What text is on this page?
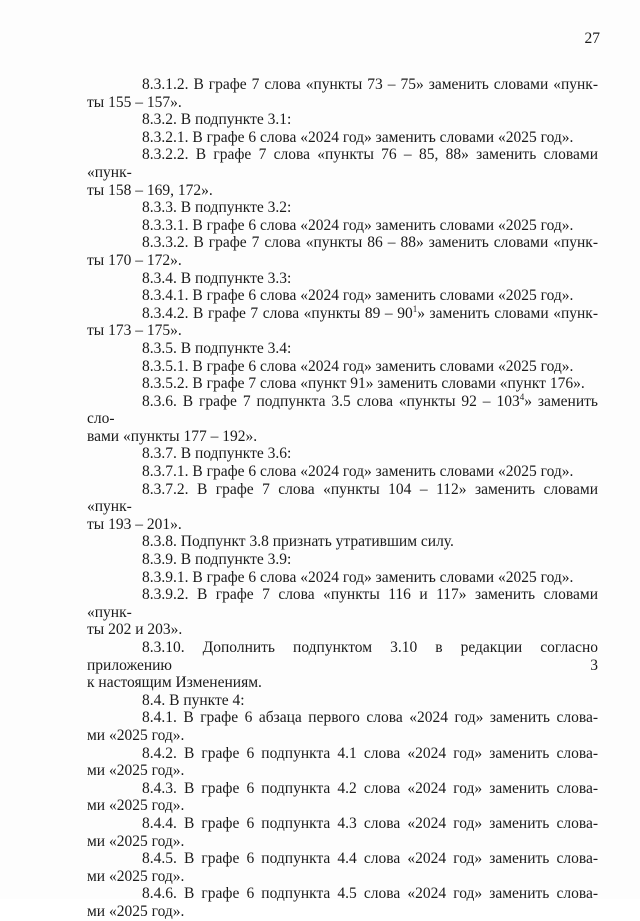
27

8.3.1.2. В графе 7 слова «пункты 73 – 75» заменить словами «пунк-

ты 155 – 157».

8.3.2. В подпункте 3.1:

8.3.2.1. В графе 6 слова «2024 год» заменить словами «2025 год».

8.3.2.2. В графе 7 слова «пункты 76 – 85, 88» заменить словами «пунк-

ты 158 – 169, 172».

8.3.3. В подпункте 3.2:

8.3.3.1. В графе 6 слова «2024 год» заменить словами «2025 год».

8.3.3.2. В графе 7 слова «пункты 86 – 88» заменить словами «пунк-

ты 170 – 172».

8.3.4. В подпункте 3.3:

8.3.4.1. В графе 6 слова «2024 год» заменить словами «2025 год».

8.3.4.2. В графе 7 слова «пункты $89 - 90^1$» заменить словами «пунк-

ты 173 – 175».

8.3.5. В подпункте 3.4:

8.3.5.1. В графе 6 слова «2024 год» заменить словами «2025 год».

8.3.5.2. В графе 7 слова «пункт 91» заменить словами «пункт 176».

8.3.6. В графе 7 подпункта 3.5 слова «пункты $92 - 103^4$» заменить сло-

вами «пункты 177 – 192».

8.3.7. В подпункте 3.6:

8.3.7.1. В графе 6 слова «2024 год» заменить словами «2025 год».

8.3.7.2. В графе 7 слова «пункты 104 – 112» заменить словами «пунк-

ты 193 – 201».

8.3.8. Подпункт 3.8 признать утратившим силу.

8.3.9. В подпункте 3.9:

8.3.9.1. В графе 6 слова «2024 год» заменить словами «2025 год».

8.3.9.2. В графе 7 слова «пункты 116 и 117» заменить словами «пунк-

ты 202 и 203».

8.3.10. Дополнить подпунктом 3.10 в редакции согласно приложению 3

к настоящим Изменениям.

8.4. В пункте 4:

8.4.1. В графе 6 абзаца первого слова «2024 год» заменить слова-

ми «2025 год».

8.4.2. В графе 6 подпункта 4.1 слова «2024 год» заменить слова-

ми «2025 год».

8.4.3. В графе 6 подпункта 4.2 слова «2024 год» заменить слова-

ми «2025 год».

8.4.4. В графе 6 подпункта 4.3 слова «2024 год» заменить слова-

ми «2025 год».

8.4.5. В графе 6 подпункта 4.4 слова «2024 год» заменить слова-

ми «2025 год».

8.4.6. В графе 6 подпункта 4.5 слова «2024 год» заменить слова-

ми «2025 год».
